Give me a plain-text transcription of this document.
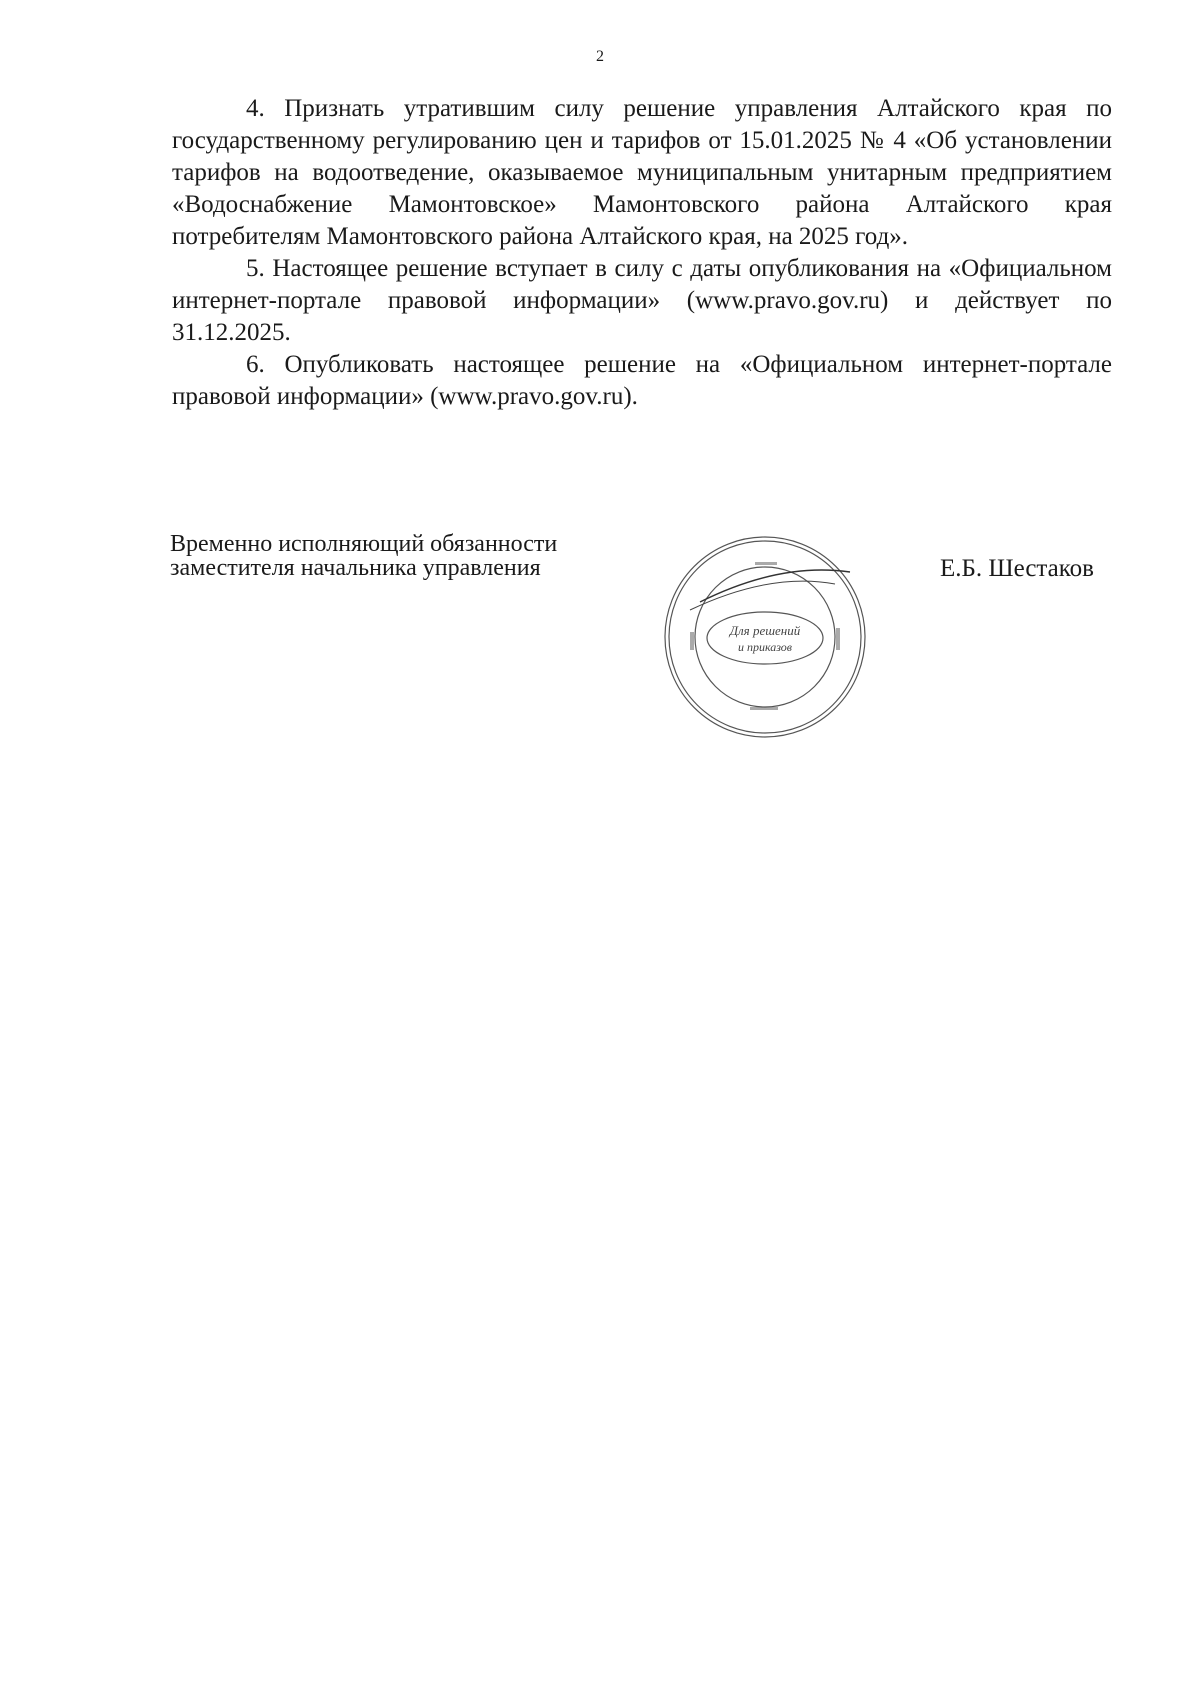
2

4. Признать утратившим силу решение управления Алтайского края по государственному регулированию цен и тарифов от 15.01.2025 № 4 «Об установлении тарифов на водоотведение, оказываемое муниципальным унитарным предприятием «Водоснабжение Мамонтовское» Мамонтовского района Алтайского края потребителям Мамонтовского района Алтайского края, на 2025 год».

5. Настоящее решение вступает в силу с даты опубликования на «Официальном интернет-портале правовой информации» (www.pravo.gov.ru) и действует по 31.12.2025.

6. Опубликовать настоящее решение на «Официальном интернет-портале правовой информации» (www.pravo.gov.ru).

Временно исполняющий обязанности
заместителя начальника управления
Для решений
и приказов
Е.Б. Шестаков
